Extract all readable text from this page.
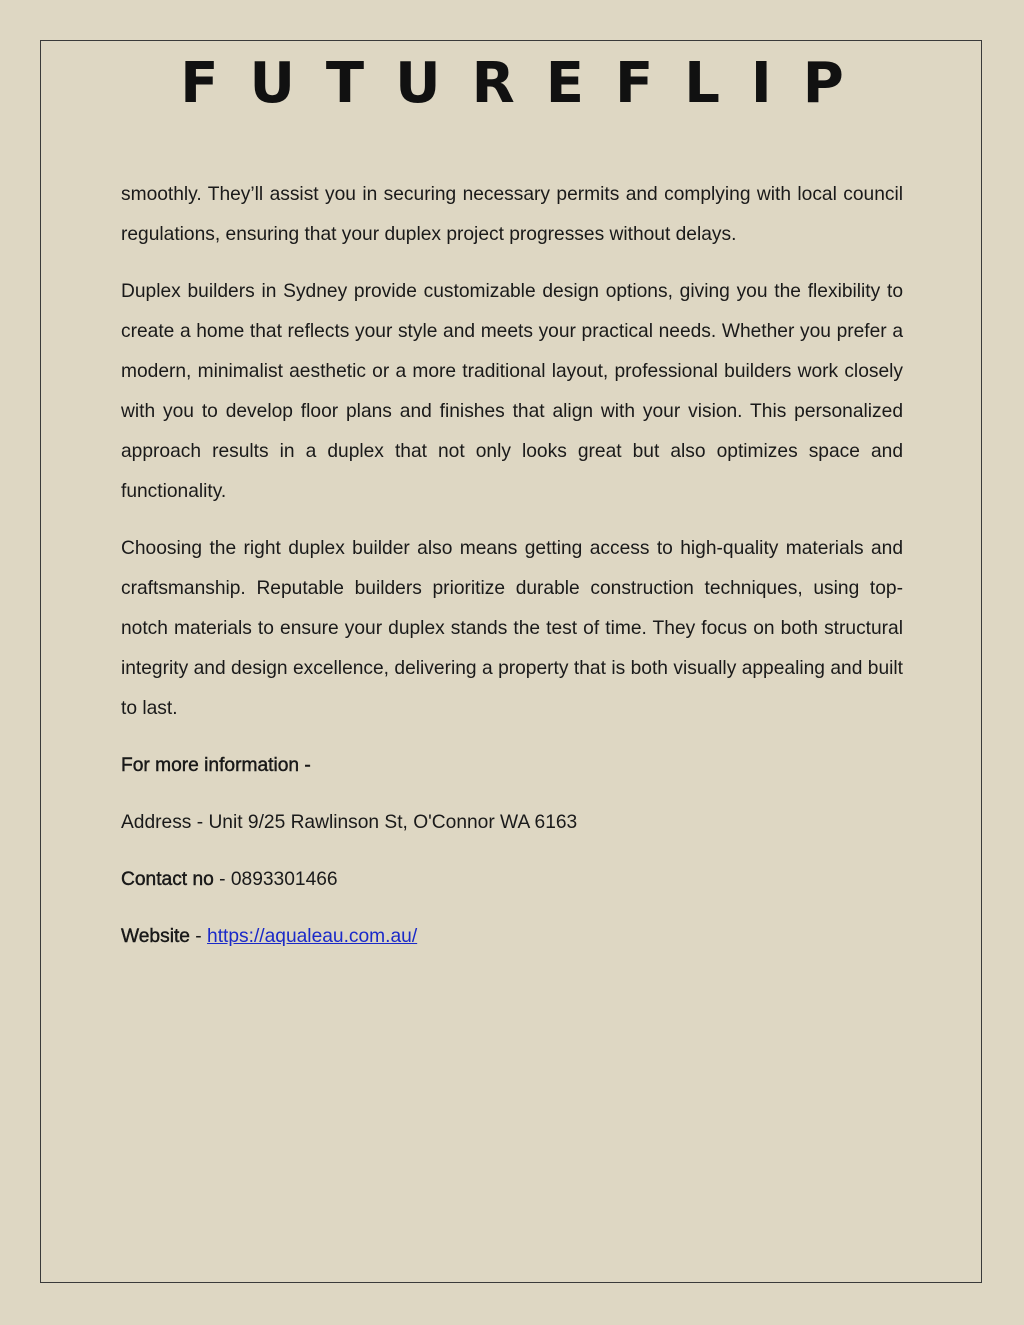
FUTUREFLIP

smoothly. They’ll assist you in securing necessary permits and complying with local council regulations, ensuring that your duplex project progresses without delays.

Duplex builders in Sydney provide customizable design options, giving you the flexibility to create a home that reflects your style and meets your practical needs. Whether you prefer a modern, minimalist aesthetic or a more traditional layout, professional builders work closely with you to develop floor plans and finishes that align with your vision. This personalized approach results in a duplex that not only looks great but also optimizes space and functionality.

Choosing the right duplex builder also means getting access to high-quality materials and craftsmanship. Reputable builders prioritize durable construction techniques, using top-notch materials to ensure your duplex stands the test of time. They focus on both structural integrity and design excellence, delivering a property that is both visually appealing and built to last.

For more information -

Address - Unit 9/25 Rawlinson St, O'Connor WA 6163

Contact no - 0893301466

Website - https://aqualeau.com.au/
